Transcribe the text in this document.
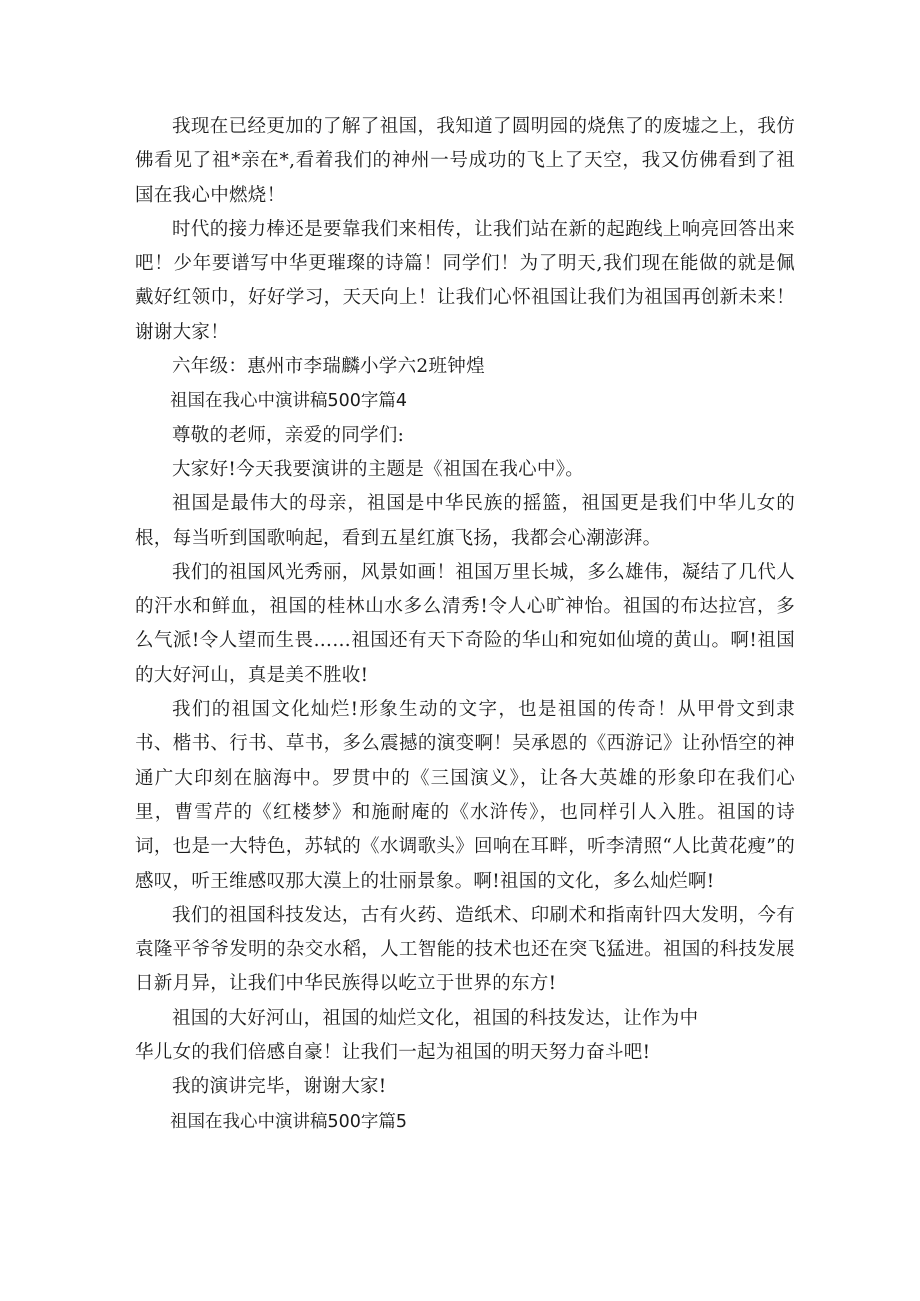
我现在已经更加的了解了祖国，我知道了圆明园的烧焦了的废墟之上，我仿佛看见了祖*亲在*,看着我们的神州一号成功的飞上了天空，我又仿佛看到了祖国在我心中燃烧！

时代的接力棒还是要靠我们来相传，让我们站在新的起跑线上响亮回答出来吧！少年要谱写中华更璀璨的诗篇！同学们！为了明天,我们现在能做的就是佩戴好红领巾，好好学习，天天向上！让我们心怀祖国让我们为祖国再创新未来！谢谢大家！

六年级：惠州市李瑞麟小学六2班钟煌

祖国在我心中演讲稿500字篇4

尊敬的老师，亲爱的同学们:

大家好!今天我要演讲的主题是《祖国在我心中》。

祖国是最伟大的母亲，祖国是中华民族的摇篮，祖国更是我们中华儿女的根，每当听到国歌响起，看到五星红旗飞扬，我都会心潮澎湃。

我们的祖国风光秀丽，风景如画！祖国万里长城，多么雄伟，凝结了几代人的汗水和鲜血，祖国的桂林山水多么清秀!令人心旷神怡。祖国的布达拉宫，多么气派!令人望而生畏……祖国还有天下奇险的华山和宛如仙境的黄山。啊!祖国的大好河山，真是美不胜收!

我们的祖国文化灿烂!形象生动的文字，也是祖国的传奇！从甲骨文到隶书、楷书、行书、草书，多么震撼的演变啊！吴承恩的《西游记》让孙悟空的神通广大印刻在脑海中。罗贯中的《三国演义》，让各大英雄的形象印在我们心里，曹雪芹的《红楼梦》和施耐庵的《水浒传》，也同样引人入胜。祖国的诗词，也是一大特色，苏轼的《水调歌头》回响在耳畔，听李清照“人比黄花瘦”的感叹，听王维感叹那大漠上的壮丽景象。啊!祖国的文化，多么灿烂啊!

我们的祖国科技发达，古有火药、造纸术、印刷术和指南针四大发明，今有袁隆平爷爷发明的杂交水稻，人工智能的技术也还在突飞猛进。祖国的科技发展日新月异，让我们中华民族得以屹立于世界的东方!

祖国的大好河山，祖国的灿烂文化，祖国的科技发达，让作为中

华儿女的我们倍感自豪！让我们一起为祖国的明天努力奋斗吧!

我的演讲完毕，谢谢大家!

祖国在我心中演讲稿500字篇5
